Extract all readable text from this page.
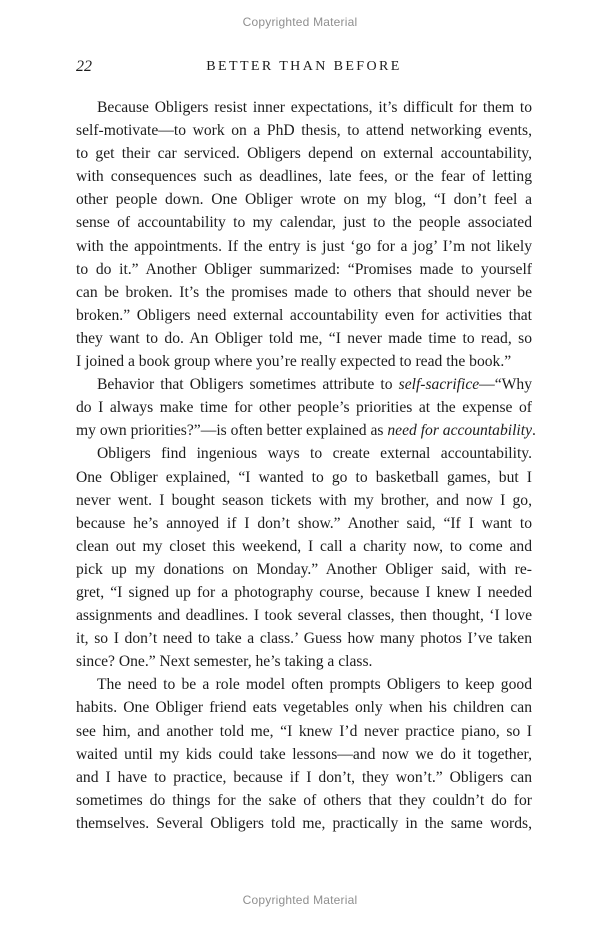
Copyrighted Material
22	BETTER THAN BEFORE
Because Obligers resist inner expectations, it’s difficult for them to
self-motivate—to work on a PhD thesis, to attend networking events,
to get their car serviced. Obligers depend on external accountability,
with consequences such as deadlines, late fees, or the fear of letting
other people down. One Obliger wrote on my blog, “I don’t feel a
sense of accountability to my calendar, just to the people associated
with the appointments. If the entry is just ‘go for a jog’ I’m not likely
to do it.” Another Obliger summarized: “Promises made to yourself
can be broken. It’s the promises made to others that should never be
broken.” Obligers need external accountability even for activities that
they want to do. An Obliger told me, “I never made time to read, so
I joined a book group where you’re really expected to read the book.”
Behavior that Obligers sometimes attribute to self-sacrifice—“Why
do I always make time for other people’s priorities at the expense of
my own priorities?”—is often better explained as need for accountability.
Obligers find ingenious ways to create external accountability.
One Obliger explained, “I wanted to go to basketball games, but I
never went. I bought season tickets with my brother, and now I go,
because he’s annoyed if I don’t show.” Another said, “If I want to
clean out my closet this weekend, I call a charity now, to come and
pick up my donations on Monday.” Another Obliger said, with re-
gret, “I signed up for a photography course, because I knew I needed
assignments and deadlines. I took several classes, then thought, ‘I love
it, so I don’t need to take a class.’ Guess how many photos I’ve taken
since? One.” Next semester, he’s taking a class.
The need to be a role model often prompts Obligers to keep good
habits. One Obliger friend eats vegetables only when his children can
see him, and another told me, “I knew I’d never practice piano, so I
waited until my kids could take lessons—and now we do it together,
and I have to practice, because if I don’t, they won’t.” Obligers can
sometimes do things for the sake of others that they couldn’t do for
themselves. Several Obligers told me, practically in the same words,
Copyrighted Material
